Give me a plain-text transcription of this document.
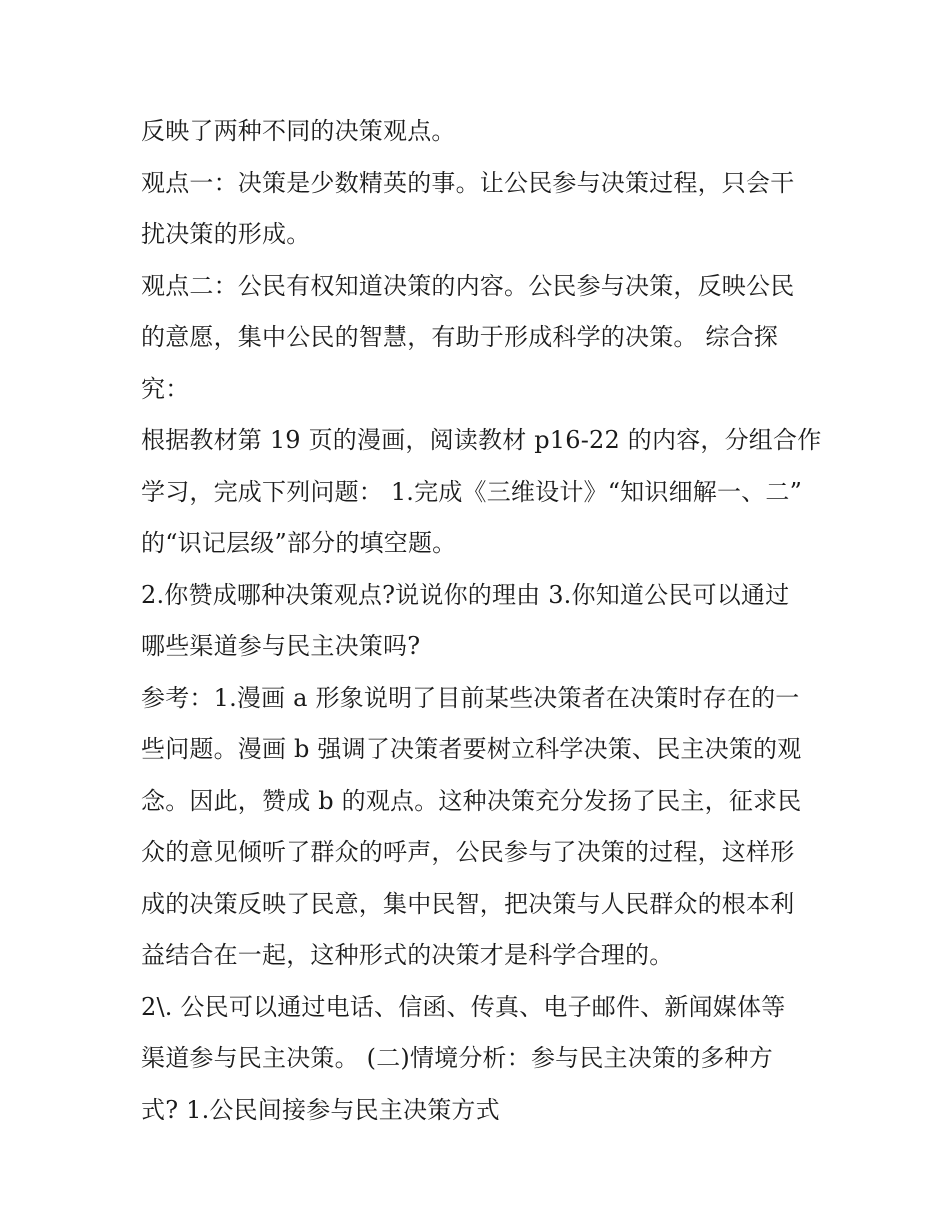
反映了两种不同的决策观点。
观点一：决策是少数精英的事。让公民参与决策过程，只会干
扰决策的形成。
观点二：公民有权知道决策的内容。公民参与决策，反映公民
的意愿，集中公民的智慧，有助于形成科学的决策。 综合探
究：
根据教材第 19 页的漫画，阅读教材 p16-22 的内容，分组合作
学习，完成下列问题： 1.完成《三维设计》“知识细解一、二”
的“识记层级”部分的填空题。
2.你赞成哪种决策观点?说说你的理由 3.你知道公民可以通过
哪些渠道参与民主决策吗?
参考：1.漫画 a 形象说明了目前某些决策者在决策时存在的一
些问题。漫画 b 强调了决策者要树立科学决策、民主决策的观
念。因此，赞成 b 的观点。这种决策充分发扬了民主，征求民
众的意见倾听了群众的呼声，公民参与了决策的过程，这样形
成的决策反映了民意，集中民智，把决策与人民群众的根本利
益结合在一起，这种形式的决策才是科学合理的。
2\. 公民可以通过电话、信函、传真、电子邮件、新闻媒体等
渠道参与民主决策。 (二)情境分析：参与民主决策的多种方
式? 1.公民间接参与民主决策方式
